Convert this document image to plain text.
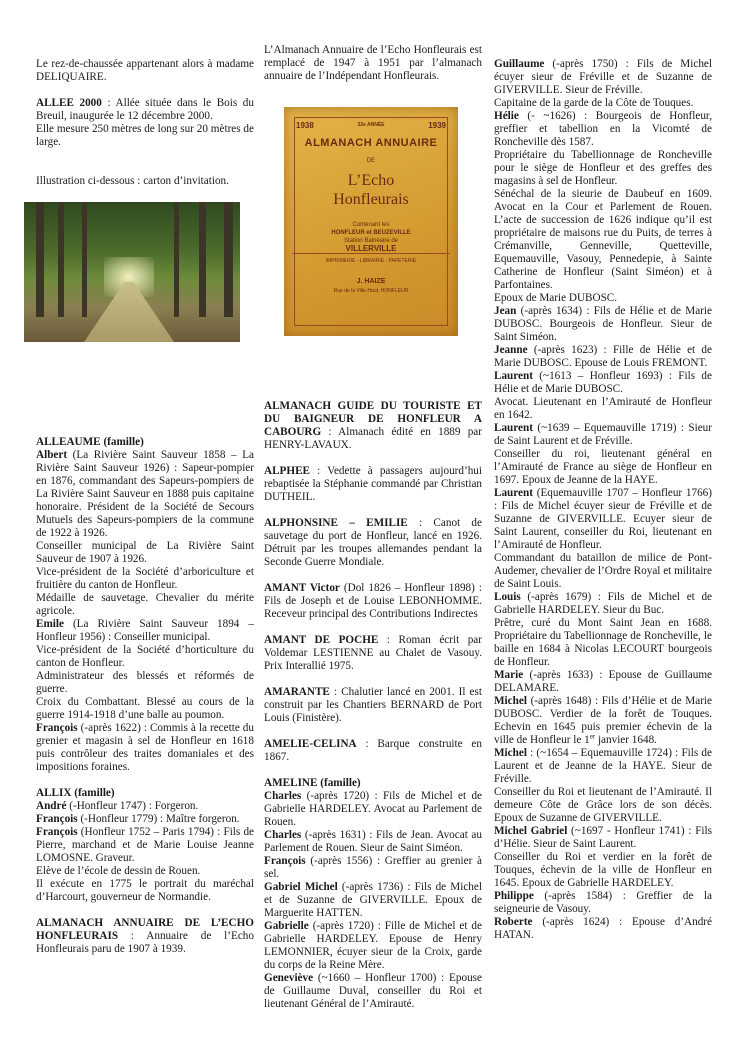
Le rez-de-chaussée appartenant alors à madame DELIQUAIRE.

ALLEE 2000 : Allée située dans le Bois du Breuil, inaugurée le 12 décembre 2000.

Elle mesure 250 mètres de long sur 20 mètres de large.

Illustration ci-dessous : carton d’invitation.

ALLEAUME (famille)

Albert (La Rivière Saint Sauveur 1858 – La Rivière Saint Sauveur 1926) : Sapeur-pompier en 1876, commandant des Sapeurs-pompiers de La Rivière Saint Sauveur en 1888 puis capitaine honoraire. Président de la Société de Secours Mutuels des Sapeurs-pompiers de la commune de 1922 à 1926.

Conseiller municipal de La Rivière Saint Sauveur de 1907 à 1926.

Vice-président de la Société d’arboriculture et fruitière du canton de Honfleur.

Médaille de sauvetage. Chevalier du mérite agricole.

Emile (La Rivière Saint Sauveur 1894 – Honfleur 1956) : Conseiller municipal.

Vice-président de la Société d’horticulture du canton de Honfleur.

Administrateur des blessés et réformés de guerre.

Croix du Combattant. Blessé au cours de la guerre 1914-1918 d’une balle au poumon.

François (-après 1622) : Commis à la recette du grenier et magasin à sel de Honfleur en 1618 puis contrôleur des traites domaniales et des impositions foraines.

ALLIX (famille)

André (-Honfleur 1747) : Forgeron.

François (-Honfleur 1779) : Maître forgeron.

François (Honfleur 1752 – Paris 1794) : Fils de Pierre, marchand et de Marie Louise Jeanne LOMOSNE. Graveur.

Elève de l’école de dessin de Rouen.

Il exécute en 1775 le portrait du maréchal d’Harcourt, gouverneur de Normandie.

ALMANACH ANNUAIRE DE L’ECHO HONFLEURAIS : Annuaire de l’Echo Honfleurais paru de 1907 à 1939.

L’Almanach Annuaire de l’Echo Honfleurais est remplacé de 1947 à 1951 par l’almanach annuaire de l’Indépendant Honfleurais.

1938	32e ANNÉE	1939
ALMANACH ANNUAIRE
DE
L’Echo
Honfleurais
Contenant les
HONFLEUR et BEUZEVILLE
Station Balnéaire de
VILLERVILLE
IMPRIMERIE - LIBRAIRIE - PAPETERIE
J. HAIZE
Rue de la Ville-Haut, HONFLEUR

ALMANACH GUIDE DU TOURISTE ET DU BAIGNEUR DE HONFLEUR A CABOURG : Almanach édité en 1889 par HENRY-LAVAUX.

ALPHEE : Vedette à passagers aujourd’hui rebaptisée la Stéphanie commandé par Christian DUTHEIL.

ALPHONSINE – EMILIE : Canot de sauvetage du port de Honfleur, lancé en 1926. Détruit par les troupes allemandes pendant la Seconde Guerre Mondiale.

AMANT Victor (Dol 1826 – Honfleur 1898) : Fils de Joseph et de Louise LEBONHOMME. Receveur principal des Contributions Indirectes

AMANT DE POCHE : Roman écrit par Voldemar LESTIENNE au Chalet de Vasouy. Prix Interallié 1975.

AMARANTE : Chalutier lancé en 2001. Il est construit par les Chantiers BERNARD de Port Louis (Finistère).

AMELIE-CELINA : Barque construite en 1867.

AMELINE (famille)

Charles (-après 1720) : Fils de Michel et de Gabrielle HARDELEY. Avocat au Parlement de Rouen.

Charles (-après 1631) : Fils de Jean. Avocat au Parlement de Rouen. Sieur de Saint Siméon.

François (-après 1556) : Greffier au grenier à sel.

Gabriel Michel (-après 1736) : Fils de Michel et de Suzanne de GIVERVILLE. Epoux de Marguerite HATTEN.

Gabrielle (-après 1720) : Fille de Michel et de Gabrielle HARDELEY. Epouse de Henry LEMONNIER, écuyer sieur de la Croix, garde du corps de la Reine Mère.

Geneviève (~1660 – Honfleur 1700) : Epouse de Guillaume Duval, conseiller du Roi et lieutenant Général de l’Amirauté.

Guillaume (-après 1750) : Fils de Michel écuyer sieur de Fréville et de Suzanne de GIVERVILLE. Sieur de Fréville.

Capitaine de la garde de la Côte de Touques.

Hélie (- ~1626) : Bourgeois de Honfleur, greffier et tabellion en la Vicomté de Roncheville dès 1587.

Propriétaire du Tabellionnage de Roncheville pour le siège de Honfleur et des greffes des magasins à sel de Honfleur.

Sénéchal de la sieurie de Daubeuf en 1609. Avocat en la Cour et Parlement de Rouen. L’acte de succession de 1626 indique qu’il est propriétaire de maisons rue du Puits, de terres à Crémanville, Genneville, Quetteville, Equemauville, Vasouy, Pennedepie, à Sainte Catherine de Honfleur (Saint Siméon) et à Parfontaines.

Epoux de Marie DUBOSC.

Jean (-après 1634) : Fils de Hélie et de Marie DUBOSC. Bourgeois de Honfleur. Sieur de Saint Siméon.

Jeanne (-après 1623) : Fille de Hélie et de Marie DUBOSC. Epouse de Louis FREMONT.

Laurent (~1613 – Honfleur 1693) : Fils de Hélie et de Marie DUBOSC.

Avocat. Lieutenant en l’Amirauté de Honfleur en 1642.

Laurent (~1639 – Equemauville 1719) : Sieur de Saint Laurent et de Fréville.

Conseiller du roi, lieutenant général en l’Amirauté de France au siège de Honfleur en 1697. Epoux de Jeanne de la HAYE.

Laurent (Equemauville 1707 – Honfleur 1766) : Fils de Michel écuyer sieur de Fréville et de Suzanne de GIVERVILLE. Ecuyer sieur de Saint Laurent, conseiller du Roi, lieutenant en l’Amirauté de Honfleur.

Commandant du bataillon de milice de Pont-Audemer, chevalier de l’Ordre Royal et militaire de Saint Louis.

Louis (-après 1679) : Fils de Michel et de Gabrielle HARDELEY. Sieur du Buc.

Prêtre, curé du Mont Saint Jean en 1688. Propriétaire du Tabellionnage de Roncheville, le baille en 1684 à Nicolas LECOURT bourgeois de Honfleur.

Marie (-après 1633) : Epouse de Guillaume DELAMARE.

Michel (-après 1648) : Fils d’Hélie et de Marie DUBOSC. Verdier de la forêt de Touques. Echevin en 1645 puis premier échevin de la ville de Honfleur le 1er janvier 1648.

Michel : (~1654 – Equemauville 1724) : Fils de Laurent et de Jeanne de la HAYE. Sieur de Fréville.

Conseiller du Roi et lieutenant de l’Amirauté. Il demeure Côte de Grâce lors de son décès. Epoux de Suzanne de GIVERVILLE.

Michel Gabriel (~1697 - Honfleur 1741) : Fils d’Hélie. Sieur de Saint Laurent.

Conseiller du Roi et verdier en la forêt de Touques, échevin de la ville de Honfleur en 1645. Epoux de Gabrielle HARDELEY.

Philippe (-après 1584) : Greffier de la seigneurie de Vasouy.

Roberte (-après 1624) : Epouse d’André HATAN.
